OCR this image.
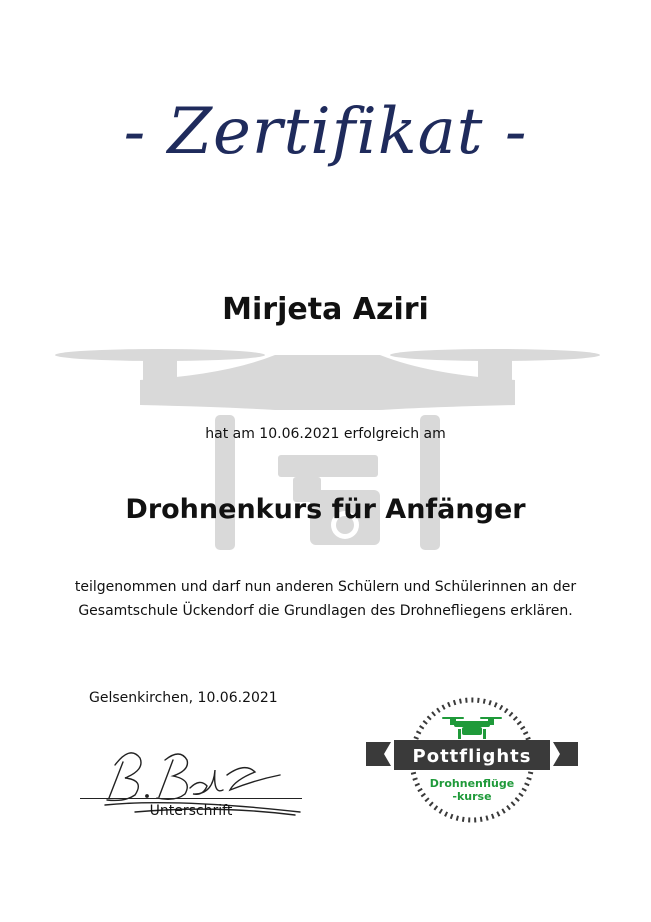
- Zertifikat -
Mirjeta Aziri
hat am 10.06.2021 erfolgreich am
Drohnenkurs für Anfänger
teilgenommen und darf nun anderen Schülern und Schülerinnen an der
Gesamtschule Ückendorf die Grundlagen des Drohnefliegens erklären.
Gelsenkirchen, 10.06.2021
Unterschrift
Pottflights
Drohnenflüge
-kurse
